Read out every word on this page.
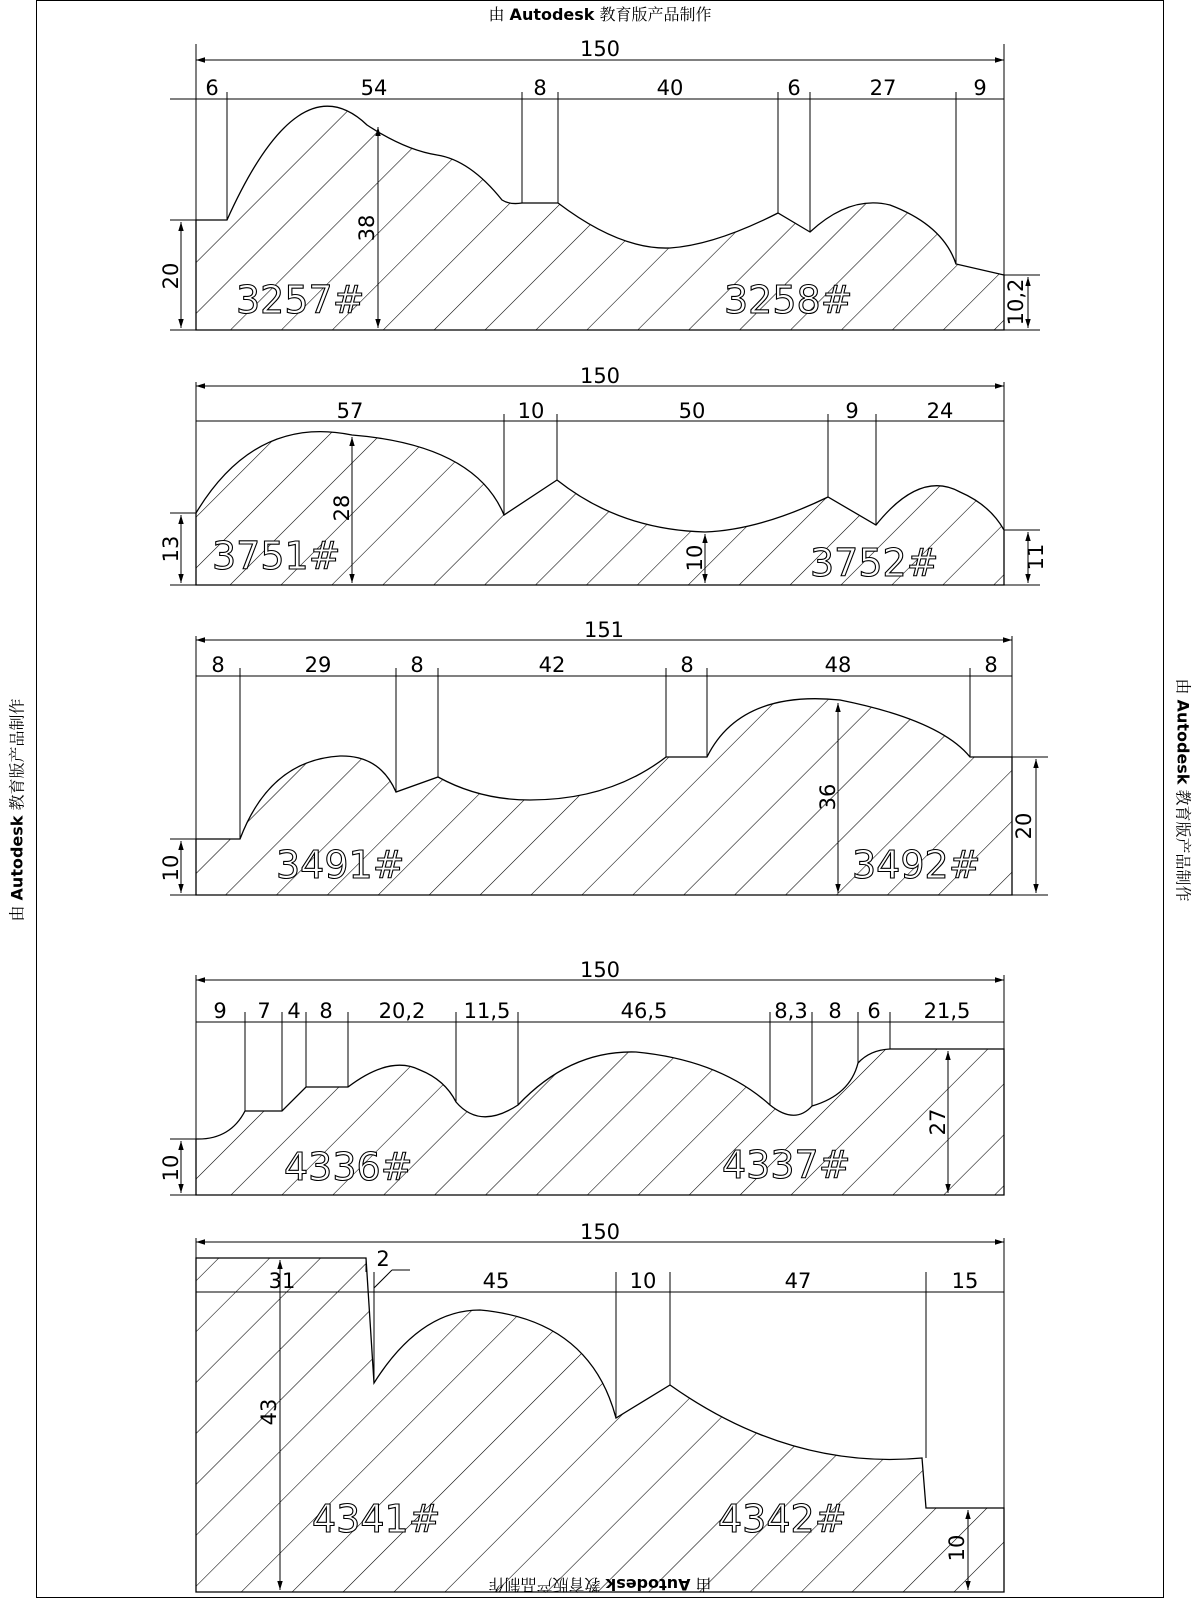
由 Autodesk 教育版产品制作
由 Autodesk 教育版产品制作
由 Autodesk 教育版产品制作
150
6	54	8	40	6	27	9
20
38
10,2
3257#	3258#
150
57	10	50	9	24
13
28
10	11
3751#	3752#
151
8	29	8	42	8	48	8
10
36
20
3491#	3492#
150
9 7 4 8 20,2 11,5	46,5	8,3 8 6 21,5
10
27
4336#	4337#
150
31
2
45	10	47	15
43
10
4341#	4342#
